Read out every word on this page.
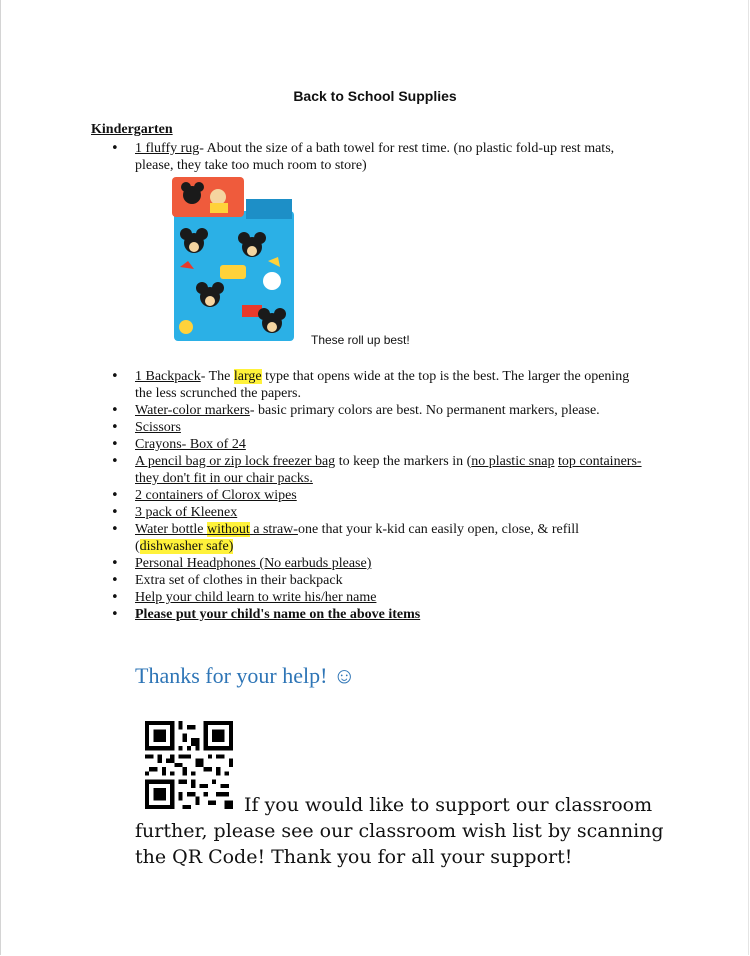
Back to School Supplies
Kindergarten
• 1 fluffy rug- About the size of a bath towel for rest time. (no plastic fold-up rest mats, please, they take too much room to store)
These roll up best!
• 1 Backpack- The large type that opens wide at the top is the best. The larger the opening the less scrunched the papers.
• Water-color markers- basic primary colors are best. No permanent markers, please.
• Scissors
• Crayons- Box of 24
• A pencil bag or zip lock freezer bag to keep the markers in (no plastic snap top containers-they don't fit in our chair packs.
• 2 containers of Clorox wipes
• 3 pack of Kleenex
• Water bottle without a straw-one that your k-kid can easily open, close, & refill (dishwasher safe)
• Personal Headphones (No earbuds please)
• Extra set of clothes in their backpack
• Help your child learn to write his/her name
• Please put your child's name on the above items
Thanks for your help! ☺
If you would like to support our classroom further, please see our classroom wish list by scanning the QR Code! Thank you for all your support!
